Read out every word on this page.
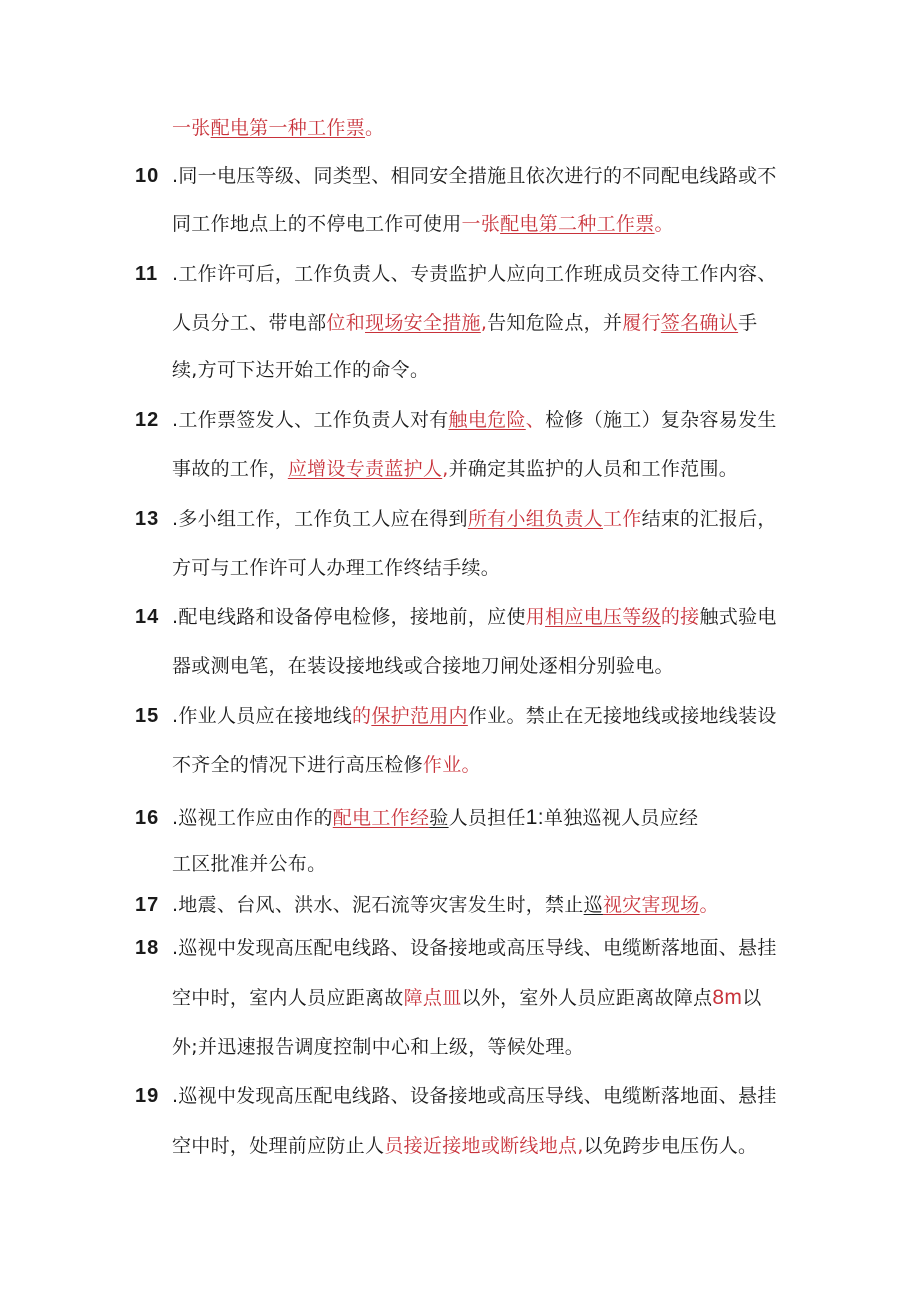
一张配电第一种工作票。
10 .同一电压等级、同类型、相同安全措施且依次进行的不同配电线路或不
同工作地点上的不停电工作可使用一张配电第二种工作票。
11 .工作许可后，工作负责人、专责监护人应向工作班成员交待工作内容、
人员分工、带电部位和现场安全措施,告知危险点，并履行签名确认手
续,方可下达开始工作的命令。
12 .工作票签发人、工作负责人对有触电危险、检修（施工）复杂容易发生
事故的工作，应增设专责蓝护人,并确定其监护的人员和工作范围。
13 .多小组工作，工作负工人应在得到所有小组负责人工作结束的汇报后，
方可与工作许可人办理工作终结手续。
14 .配电线路和设备停电检修，接地前，应使用相应电压等级的接触式验电
器或测电笔，在装设接地线或合接地刀闸处逐相分别验电。
15 .作业人员应在接地线的保护范用内作业。禁止在无接地线或接地线装设
不齐全的情况下进行高压检修作业。
16 .巡视工作应由作的配电工作经验人员担任1:单独巡视人员应经
工区批准并公布。
17 .地震、台风、洪水、泥石流等灾害发生时，禁止巡视灾害现场。
18 .巡视中发现高压配电线路、设备接地或高压导线、电缆断落地面、悬挂
空中时，室内人员应距离故障点皿以外，室外人员应距离故障点8m以
外;并迅速报告调度控制中心和上级，等候处理。
19 .巡视中发现高压配电线路、设备接地或高压导线、电缆断落地面、悬挂
空中时，处理前应防止人员接近接地或断线地点,以免跨步电压伤人。
